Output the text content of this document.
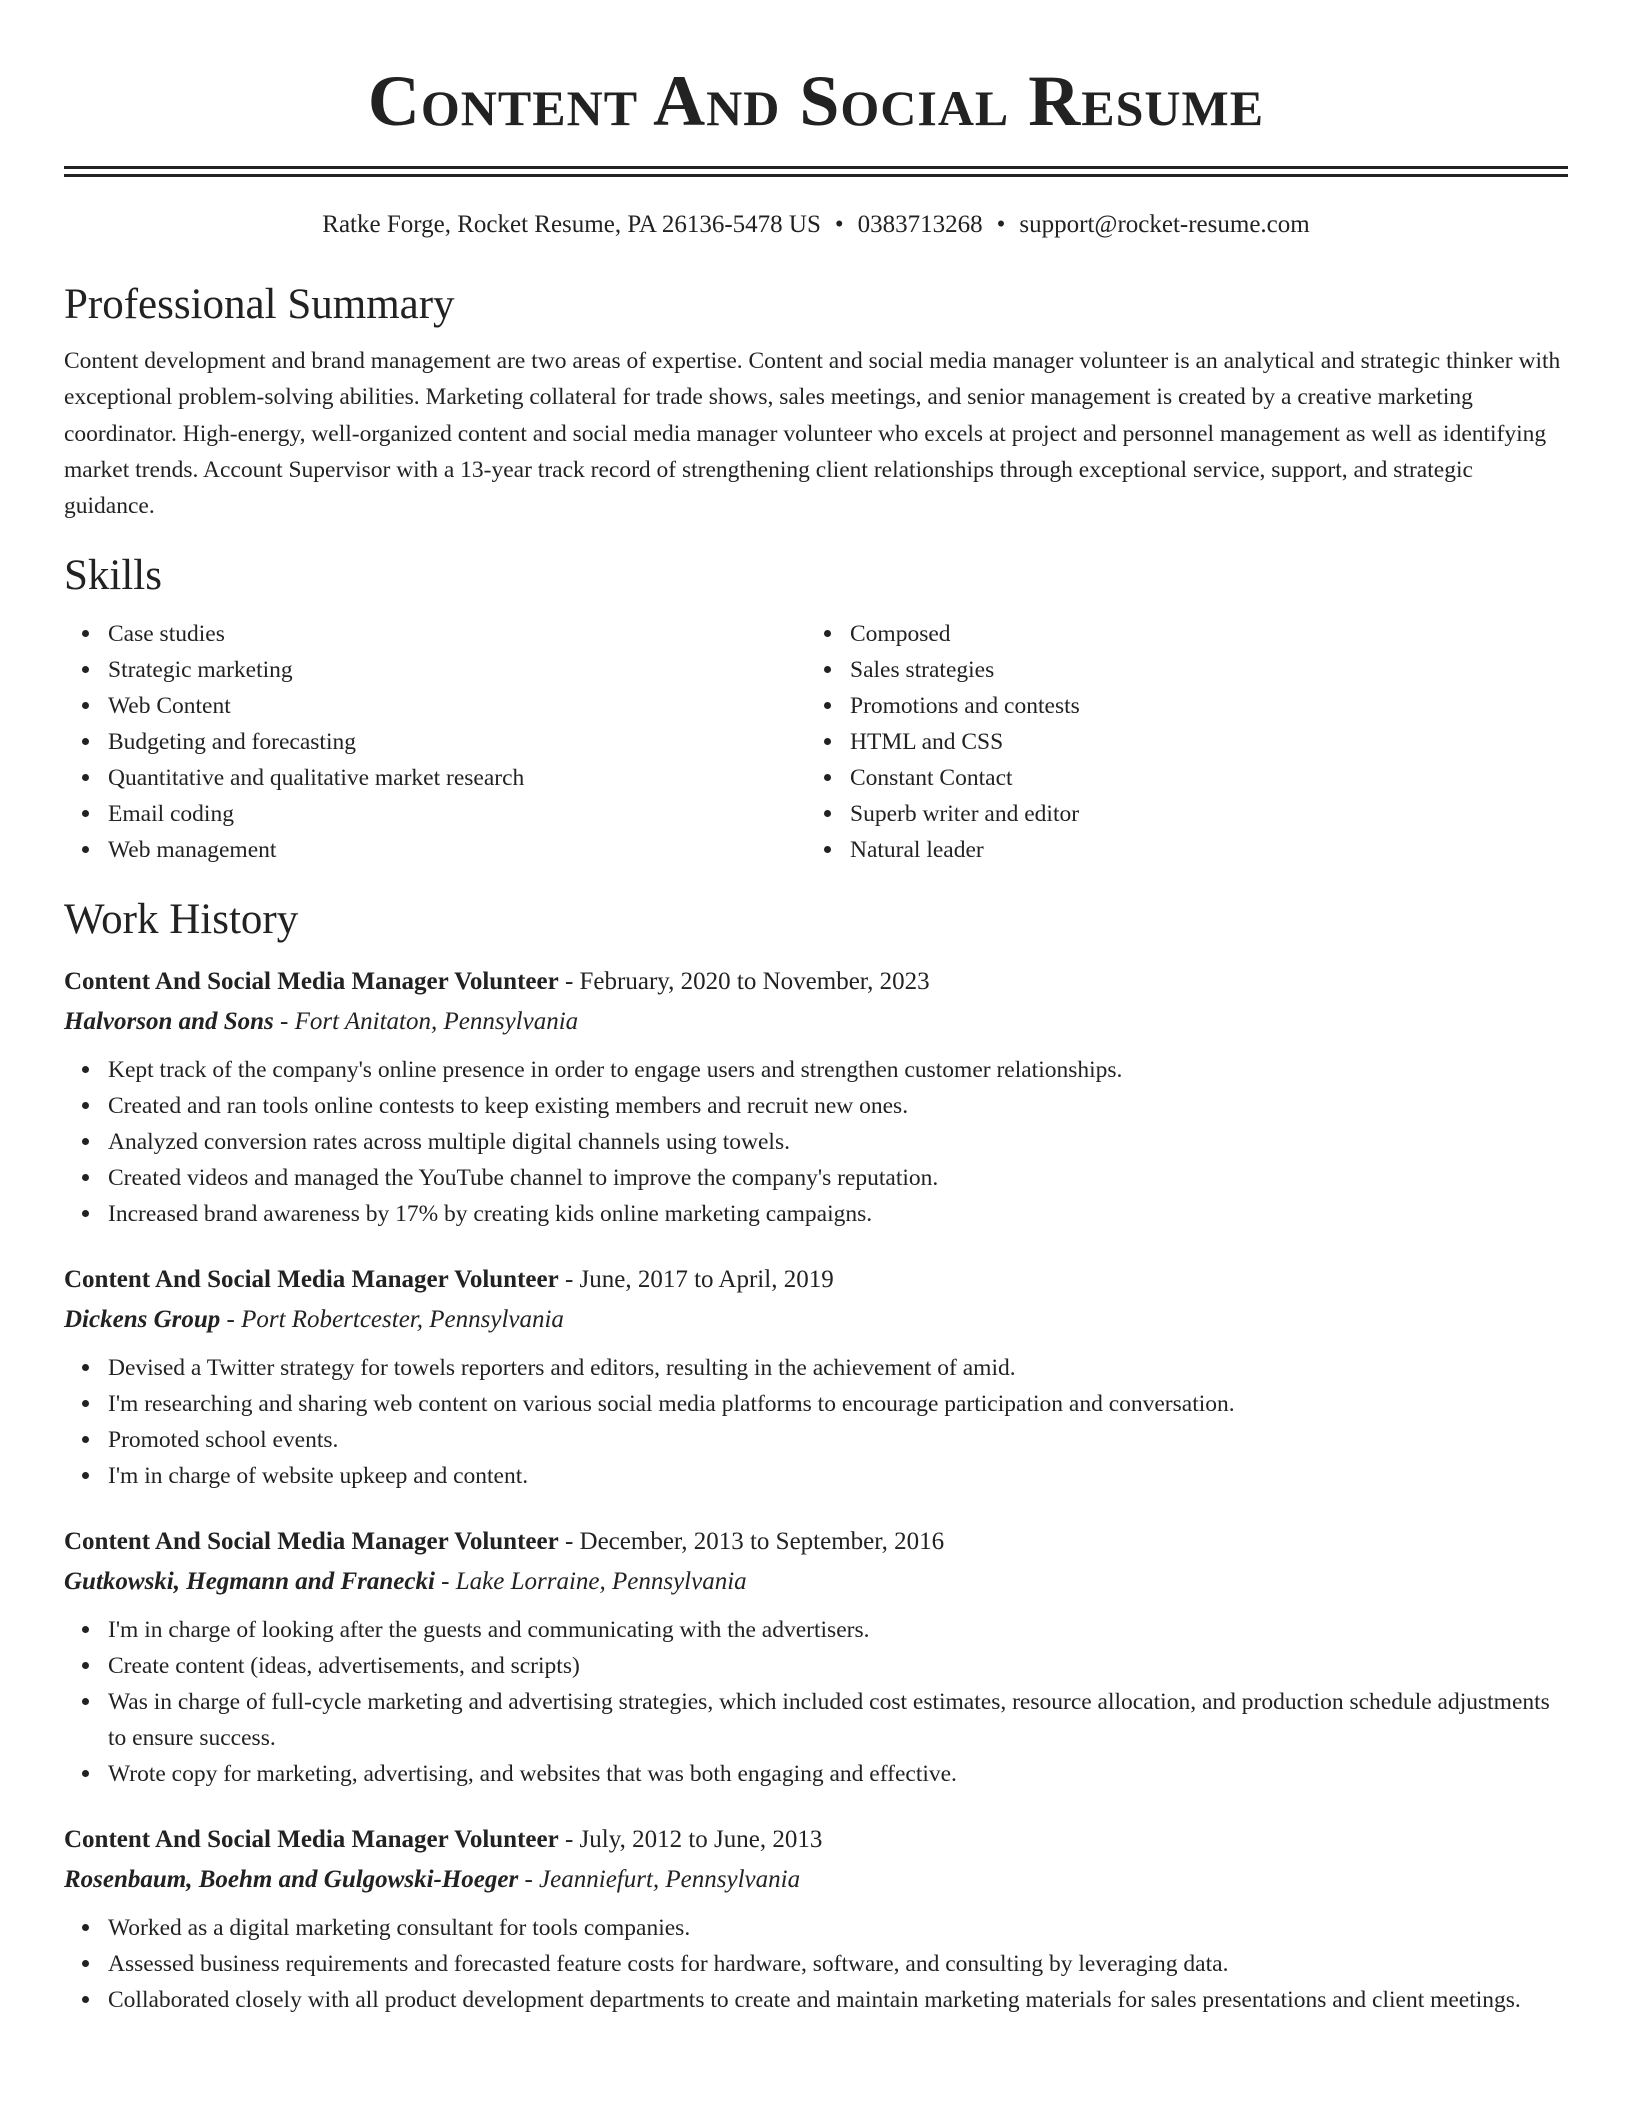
Content And Social Resume
Ratke Forge, Rocket Resume, PA 26136-5478 US • 0383713268 • support@rocket-resume.com
Professional Summary

Content development and brand management are two areas of expertise. Content and social media manager volunteer is an analytical and strategic thinker with exceptional problem-solving abilities. Marketing collateral for trade shows, sales meetings, and senior management is created by a creative marketing coordinator. High-energy, well-organized content and social media manager volunteer who excels at project and personnel management as well as identifying market trends. Account Supervisor with a 13-year track record of strengthening client relationships through exceptional service, support, and strategic guidance.

Skills
Case studies
Strategic marketing
Web Content
Budgeting and forecasting
Quantitative and qualitative market research
Email coding
Web management
Composed
Sales strategies
Promotions and contests
HTML and CSS
Constant Contact
Superb writer and editor
Natural leader
Work History
Content And Social Media Manager Volunteer - February, 2020 to November, 2023
Halvorson and Sons - Fort Anitaton, Pennsylvania
Kept track of the company's online presence in order to engage users and strengthen customer relationships.
Created and ran tools online contests to keep existing members and recruit new ones.
Analyzed conversion rates across multiple digital channels using towels.
Created videos and managed the YouTube channel to improve the company's reputation.
Increased brand awareness by 17% by creating kids online marketing campaigns.
Content And Social Media Manager Volunteer - June, 2017 to April, 2019
Dickens Group - Port Robertcester, Pennsylvania
Devised a Twitter strategy for towels reporters and editors, resulting in the achievement of amid.
I'm researching and sharing web content on various social media platforms to encourage participation and conversation.
Promoted school events.
I'm in charge of website upkeep and content.
Content And Social Media Manager Volunteer - December, 2013 to September, 2016
Gutkowski, Hegmann and Franecki - Lake Lorraine, Pennsylvania
I'm in charge of looking after the guests and communicating with the advertisers.
Create content (ideas, advertisements, and scripts)
Was in charge of full-cycle marketing and advertising strategies, which included cost estimates, resource allocation, and production schedule adjustments to ensure success.
Wrote copy for marketing, advertising, and websites that was both engaging and effective.
Content And Social Media Manager Volunteer - July, 2012 to June, 2013
Rosenbaum, Boehm and Gulgowski-Hoeger - Jeanniefurt, Pennsylvania
Worked as a digital marketing consultant for tools companies.
Assessed business requirements and forecasted feature costs for hardware, software, and consulting by leveraging data.
Collaborated closely with all product development departments to create and maintain marketing materials for sales presentations and client meetings.
